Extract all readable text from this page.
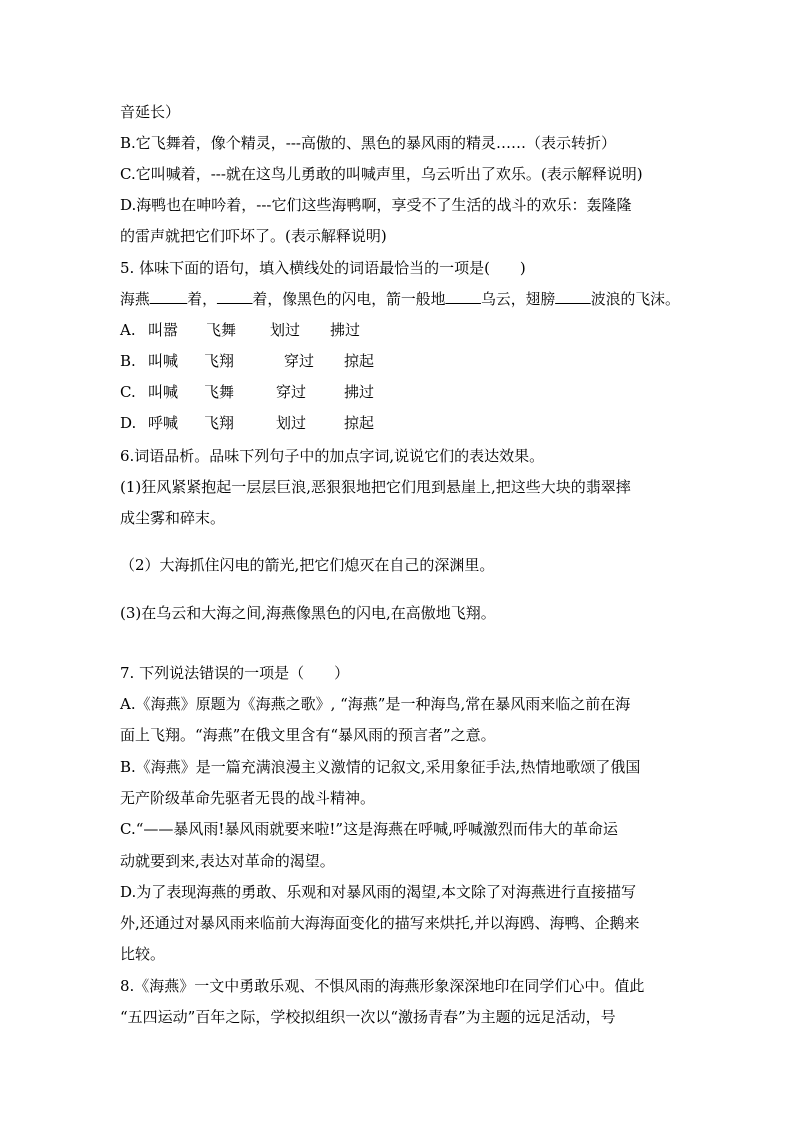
音延长）
B.它飞舞着，像个精灵，---高傲的、黑色的暴风雨的精灵……（表示转折）
C.它叫喊着，---就在这鸟儿勇敢的叫喊声里，乌云听出了欢乐。(表示解释说明)
D.海鸭也在呻吟着，---它们这些海鸭啊，享受不了生活的战斗的欢乐：轰隆隆
的雷声就把它们吓坏了。(表示解释说明)
5. 体味下面的语句，填入横线处的词语最恰当的一项是(　　)
海燕	着， 着，像黑色的闪电，箭一般地 乌云，翅膀 波浪的飞沫。
A. 叫嚣 飞舞 划过 拂过
B. 叫喊 飞翔	穿过 掠起
C. 叫喊 飞舞	穿过	拂过
D. 呼喊 飞翔	划过	掠起
6.词语品析。品味下列句子中的加点字词,说说它们的表达效果。
(1)狂风紧紧抱起一层层巨浪,恶狠狠地把它们甩到悬崖上,把这些大块的翡翠摔
成尘雾和碎末。
（2）大海抓住闪电的箭光,把它们熄灭在自己的深渊里。
(3)在乌云和大海之间,海燕像黑色的闪电,在高傲地飞翔。
7. 下列说法错误的一项是（　　）
A.《海燕》原题为《海燕之歌》, “海燕”是一种海鸟,常在暴风雨来临之前在海
面上飞翔。“海燕”在俄文里含有“暴风雨的预言者”之意。
B.《海燕》是一篇充满浪漫主义激情的记叙文,采用象征手法,热情地歌颂了俄国
无产阶级革命先驱者无畏的战斗精神。
C.“——暴风雨!暴风雨就要来啦!”这是海燕在呼喊,呼喊激烈而伟大的革命运
动就要到来,表达对革命的渴望。
D.为了表现海燕的勇敢、乐观和对暴风雨的渴望,本文除了对海燕进行直接描写
外,还通过对暴风雨来临前大海海面变化的描写来烘托,并以海鸥、海鸭、企鹅来
比较。
8.《海燕》一文中勇敢乐观、不惧风雨的海燕形象深深地印在同学们心中。值此
“五四运动”百年之际，学校拟组织一次以“激扬青春”为主题的远足活动，号
